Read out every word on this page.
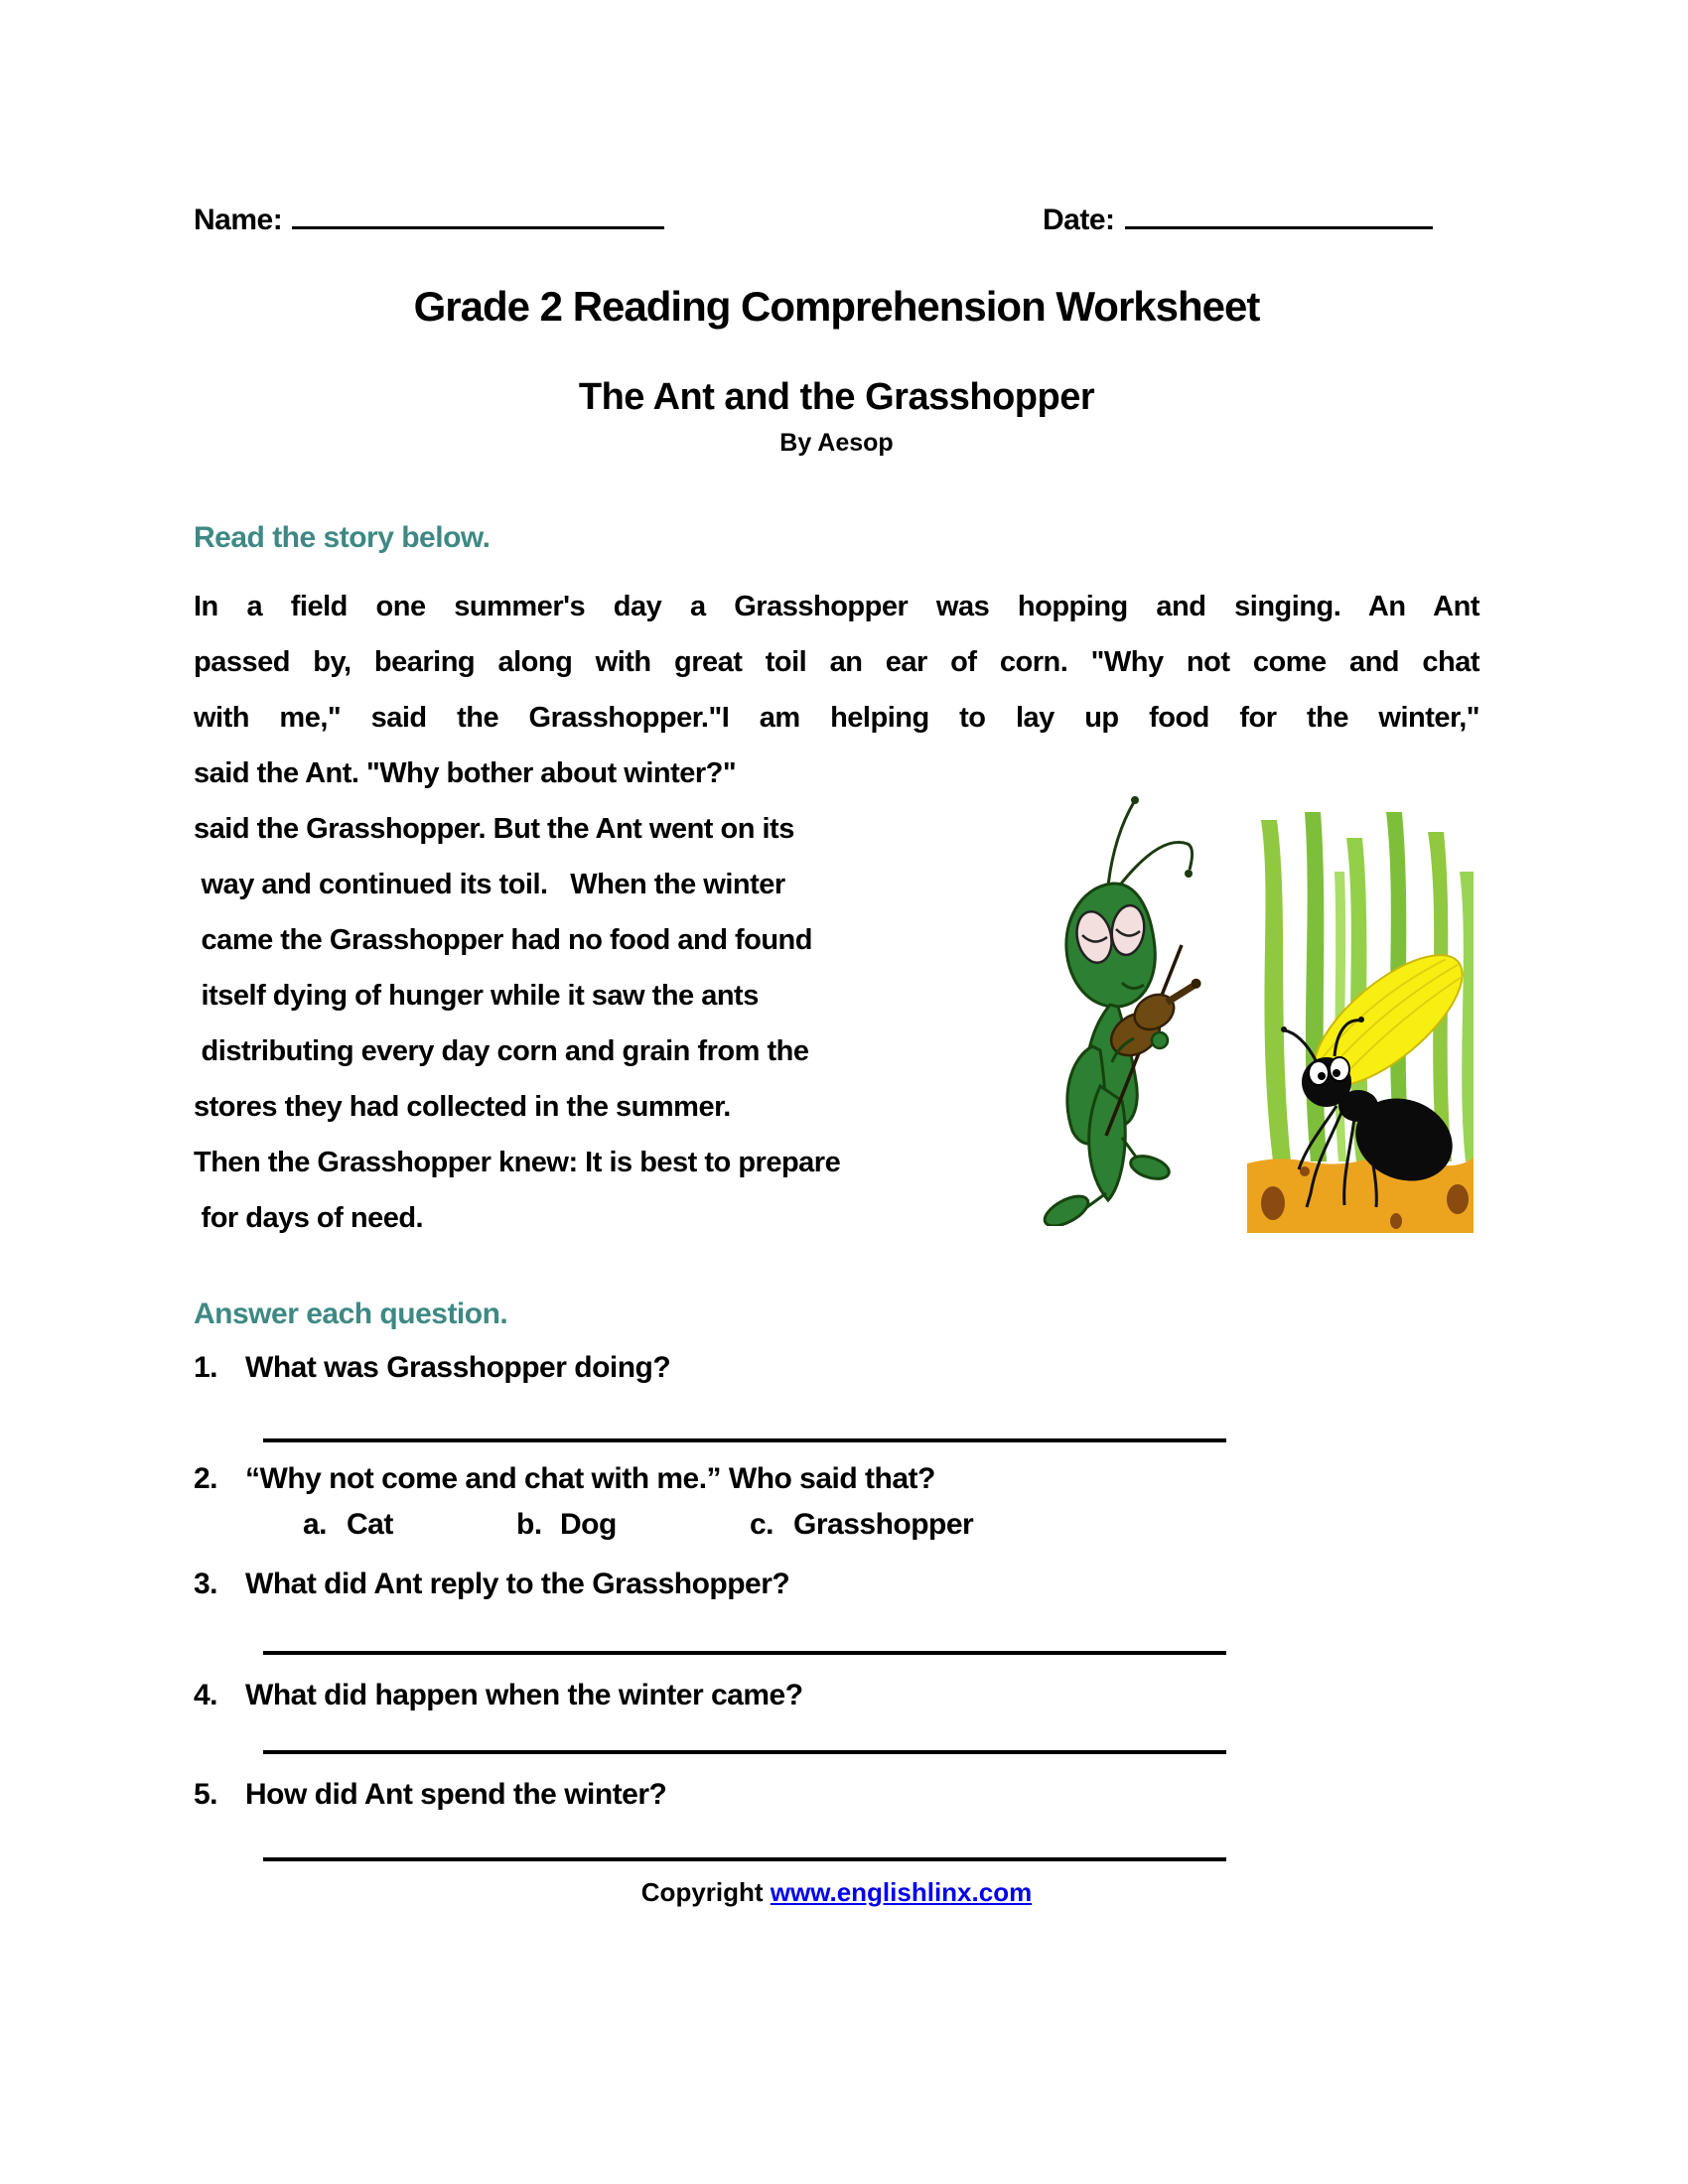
Name:	Date:
Grade 2 Reading Comprehension Worksheet
The Ant and the Grasshopper
By Aesop
Read the story below.
In a field one summer's day a Grasshopper was hopping and singing. An Ant
passed by, bearing along with great toil an ear of corn. "Why not come and chat
with me," said the Grasshopper."I am helping to lay up food for the winter,"
said the Ant. "Why bother about winter?"
said the Grasshopper. But the Ant went on its
way and continued its toil.   When the winter
came the Grasshopper had no food and found
itself dying of hunger while it saw the ants
distributing every day corn and grain from the
stores they had collected in the summer.
Then the Grasshopper knew: It is best to prepare
for days of need.
Answer each question.
1. What was Grasshopper doing?
2. “Why not come and chat with me.” Who said that?
a. Cat	b. Dog	c. Grasshopper
3. What did Ant reply to the Grasshopper?
4. What did happen when the winter came?
5. How did Ant spend the winter?
Copyright www.englishlinx.com
